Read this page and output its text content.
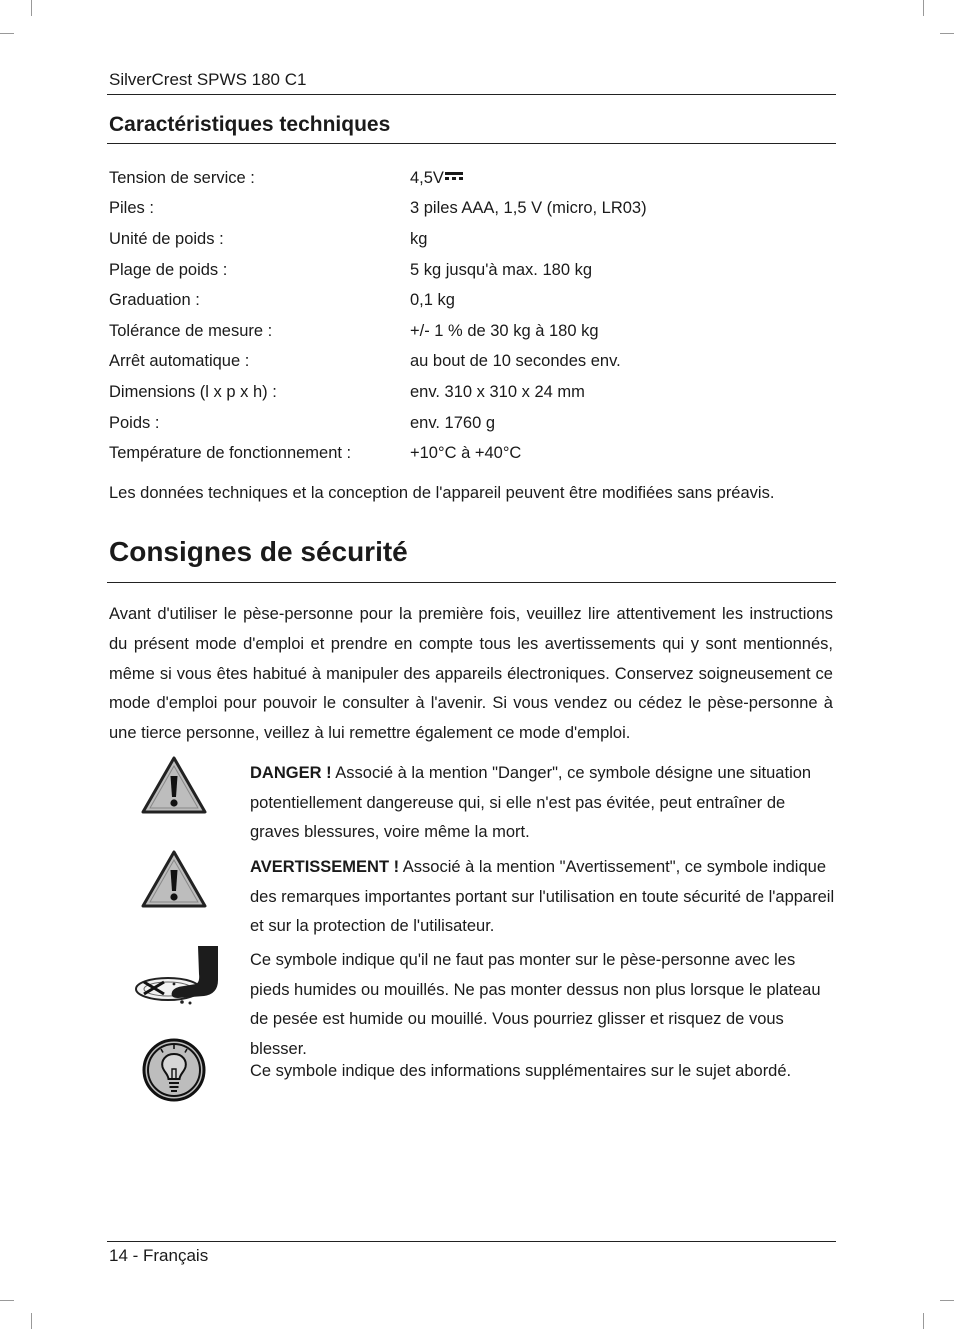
SilverCrest SPWS 180 C1
Caractéristiques techniques
Tension de service :	4,5V
Piles :	3 piles AAA, 1,5 V (micro, LR03)
Unité de poids :	kg
Plage de poids :	5 kg jusqu'à max. 180 kg
Graduation :	0,1 kg
Tolérance de mesure :	+/- 1 % de 30 kg à 180 kg
Arrêt automatique :	au bout de 10 secondes env.
Dimensions (l x p x h) :	env. 310 x 310 x 24 mm
Poids :	env. 1760 g
Température de fonctionnement :	+10°C à +40°C
Les données techniques et la conception de l'appareil peuvent être modifiées sans préavis.
Consignes de sécurité

Avant d'utiliser le pèse-personne pour la première fois, veuillez lire attentivement les instructions du présent mode d'emploi et prendre en compte tous les avertissements qui y sont mentionnés, même si vous êtes habitué à manipuler des appareils électroniques. Conservez soigneusement ce mode d'emploi pour pouvoir le consulter à l'avenir. Si vous vendez ou cédez le pèse-personne à une tierce personne, veillez à lui remettre également ce mode d'emploi.

DANGER ! Associé à la mention "Danger", ce symbole désigne une situation potentiellement dangereuse qui, si elle n'est pas évitée, peut entraîner de graves blessures, voire même la mort.

AVERTISSEMENT ! Associé à la mention "Avertissement", ce symbole indique des remarques importantes portant sur l'utilisation en toute sécurité de l'appareil et sur la protection de l'utilisateur.

Ce symbole indique qu'il ne faut pas monter sur le pèse-personne avec les pieds humides ou mouillés. Ne pas monter dessus non plus lorsque le plateau de pesée est humide ou mouillé. Vous pourriez glisser et risquez de vous blesser.

Ce symbole indique des informations supplémentaires sur le sujet abordé.

14 - Français
